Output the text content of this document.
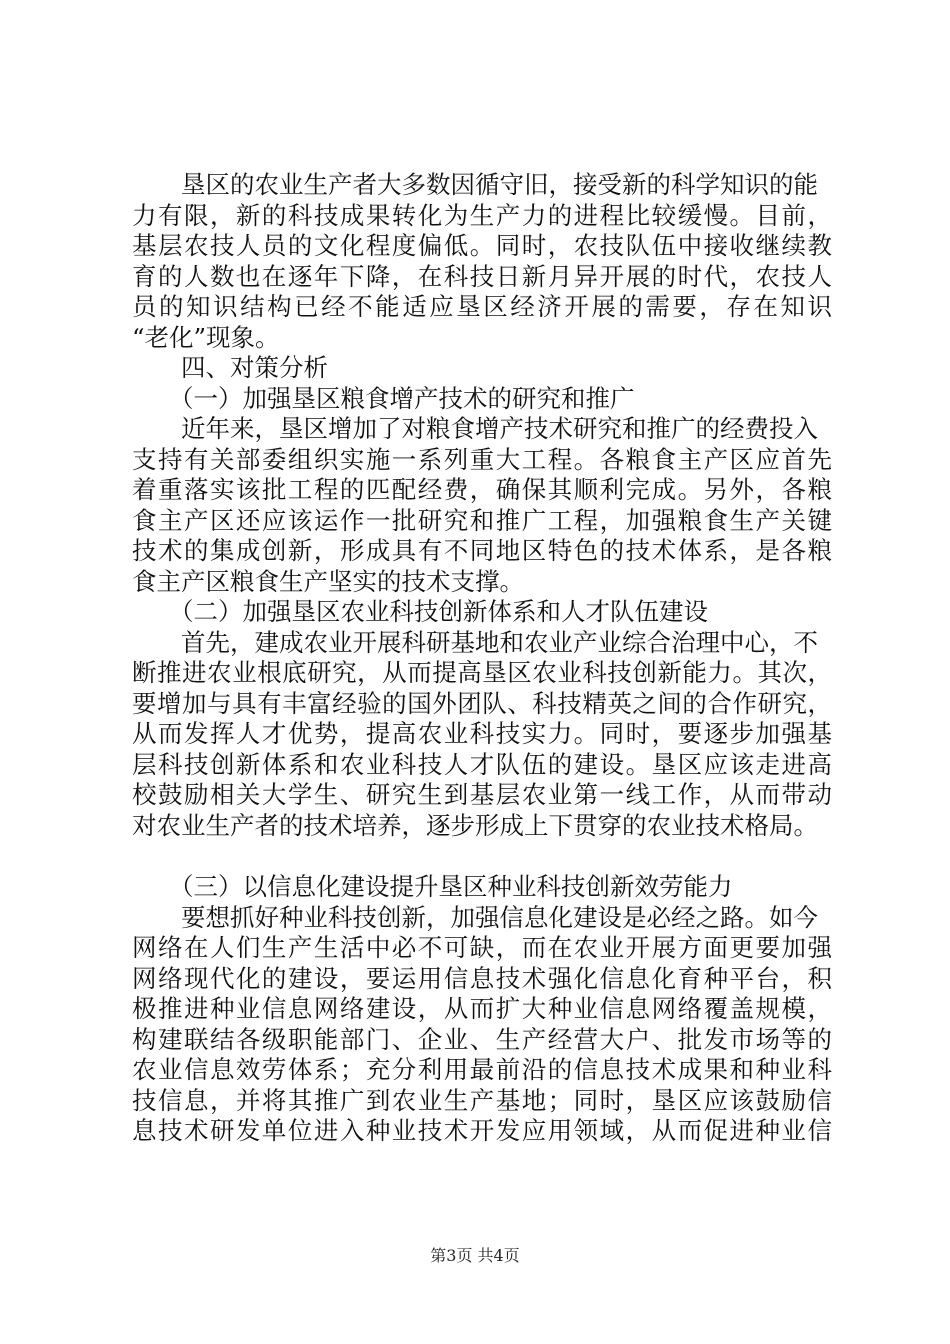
垦区的农业生产者大多数因循守旧，接受新的科学知识的能
力有限，新的科技成果转化为生产力的进程比较缓慢。目前，
基层农技人员的文化程度偏低。同时，农技队伍中接收继续教
育的人数也在逐年下降，在科技日新月异开展的时代，农技人
员的知识结构已经不能适应垦区经济开展的需要，存在知识
“老化”现象。
四、对策分析
（一）加强垦区粮食增产技术的研究和推广
近年来，垦区增加了对粮食增产技术研究和推广的经费投入
支持有关部委组织实施一系列重大工程。各粮食主产区应首先
着重落实该批工程的匹配经费，确保其顺利完成。另外，各粮
食主产区还应该运作一批研究和推广工程，加强粮食生产关键
技术的集成创新，形成具有不同地区特色的技术体系，是各粮
食主产区粮食生产坚实的技术支撑。
（二）加强垦区农业科技创新体系和人才队伍建设
首先，建成农业开展科研基地和农业产业综合治理中心，不
断推进农业根底研究，从而提高垦区农业科技创新能力。其次，
要增加与具有丰富经验的国外团队、科技精英之间的合作研究，
从而发挥人才优势，提高农业科技实力。同时，要逐步加强基
层科技创新体系和农业科技人才队伍的建设。垦区应该走进高
校鼓励相关大学生、研究生到基层农业第一线工作，从而带动
对农业生产者的技术培养，逐步形成上下贯穿的农业技术格局。
（三）以信息化建设提升垦区种业科技创新效劳能力
要想抓好种业科技创新，加强信息化建设是必经之路。如今
网络在人们生产生活中必不可缺，而在农业开展方面更要加强
网络现代化的建设，要运用信息技术强化信息化育种平台，积
极推进种业信息网络建设，从而扩大种业信息网络覆盖规模，
构建联结各级职能部门、企业、生产经营大户、批发市场等的
农业信息效劳体系；充分利用最前沿的信息技术成果和种业科
技信息，并将其推广到农业生产基地；同时，垦区应该鼓励信
息技术研发单位进入种业技术开发应用领域，从而促进种业信
第3页 共4页
